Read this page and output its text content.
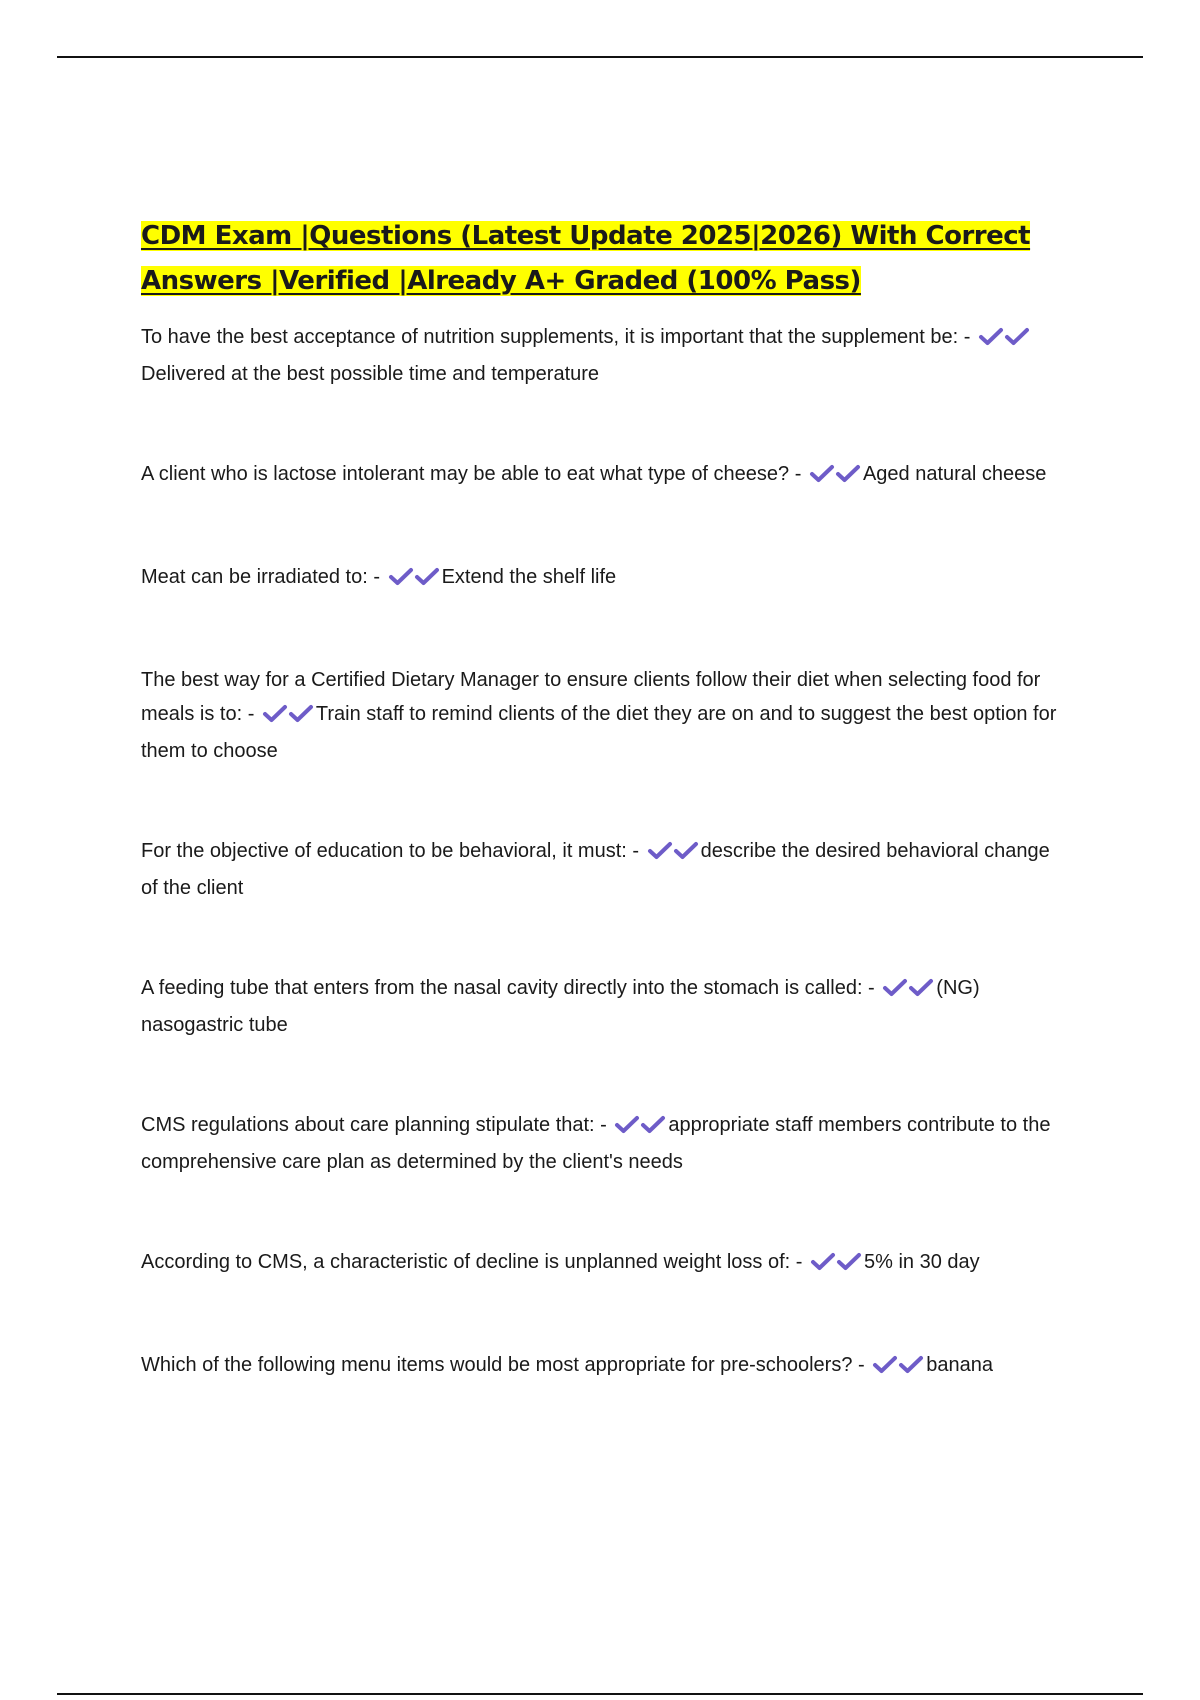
CDM Exam |Questions (Latest Update 2025|2026) With Correct Answers |Verified |Already A+ Graded (100% Pass)

To have the best acceptance of nutrition supplements, it is important that the supplement be: - Delivered at the best possible time and temperature

A client who is lactose intolerant may be able to eat what type of cheese? -	Aged natural cheese

Meat can be irradiated to: -	Extend the shelf life

The best way for a Certified Dietary Manager to ensure clients follow their diet when selecting food for meals is to: -	Train staff to remind clients of the diet they are on and to suggest the best option for them to choose

For the objective of education to be behavioral, it must: -	describe the desired behavioral change of the client

A feeding tube that enters from the nasal cavity directly into the stomach is called: -	(NG) nasogastric tube

CMS regulations about care planning stipulate that: -	appropriate staff members contribute to the comprehensive care plan as determined by the client's needs

According to CMS, a characteristic of decline is unplanned weight loss of: -	5% in 30 day

Which of the following menu items would be most appropriate for pre-schoolers? -	banana
